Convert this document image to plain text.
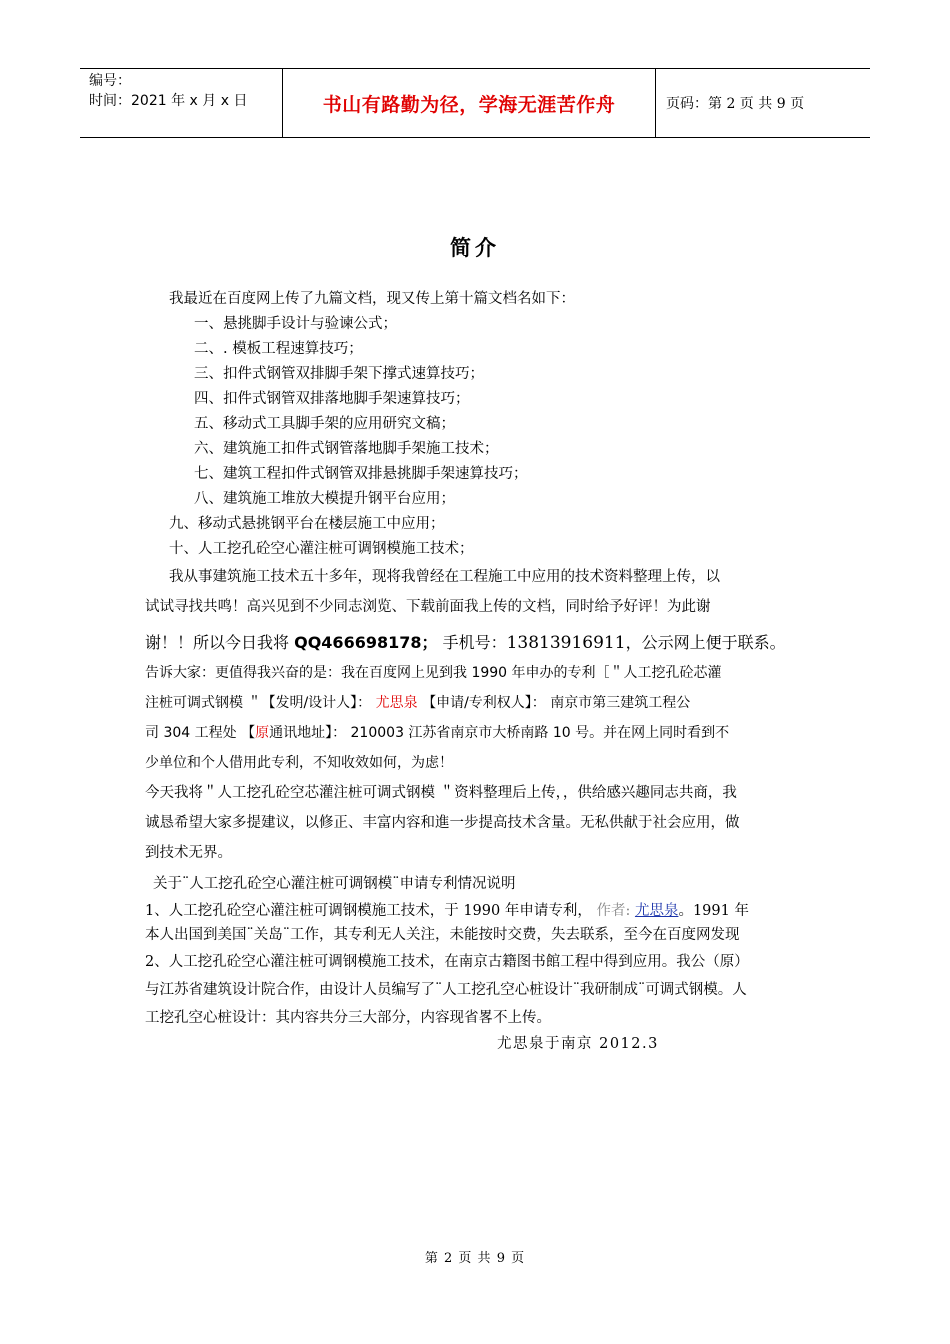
编号：
时间：2021 年 x 月 x 日	书山有路勤为径，学海无涯苦作舟	页码：第 2 页 共 9 页
简介
我最近在百度网上传了九篇文档，现又传上第十篇文档名如下：
一、悬挑脚手设计与验谏公式；
二、. 模板工程速算技巧；
三、扣件式钢管双排脚手架下撑式速算技巧；
四、扣件式钢管双排落地脚手架速算技巧；
五、移动式工具脚手架的应用研究文稿；
六、建筑施工扣件式钢管落地脚手架施工技术；
七、建筑工程扣件式钢管双排悬挑脚手架速算技巧；
八、建筑施工堆放大模提升钢平台应用；
九、移动式悬挑钢平台在楼层施工中应用；
十、人工挖孔砼空心灌注桩可调钢模施工技术；
我从事建筑施工技术五十多年，现将我曾经在工程施工中应用的技术资料整理上传，以
试试寻找共鸣！高兴见到不少同志浏览、下载前面我上传的文档，同时给予好评！为此谢
谢！！所以今日我将 QQ466698178； 手机号：13813916911，公示网上便于联系。
告诉大家：更值得我兴奋的是：我在百度网上见到我 1990 年申办的专利［＂人工挖孔砼芯灌
注桩可调式钢模 ＂【发明/设计人】： 尤思泉 【申请/专利权人】： 南京市第三建筑工程公
司 304 工程处 【原通讯地址】： 210003 江苏省南京市大桥南路 10 号。并在网上同时看到不
少单位和个人借用此专利，不知收效如何，为虑！
今天我将＂人工挖孔砼空芯灌注桩可调式钢模 ＂资料整理后上传，，供给感兴趣同志共商，我
诚恳希望大家多提建议，以修正、丰富内容和進一步提高技术含量。无私供献于社会应用，做
到技术无界。
关于¨人工挖孔砼空心灌注桩可调钢模¨申请专利情况说明
1、人工挖孔砼空心灌注桩可调钢模施工技术，于 1990 年申请专利， 作者: 尤思泉。1991 年
本人出国到美国¨关岛¨工作，其专利无人关注，未能按时交费，失去联系，至今在百度网发现
2、人工挖孔砼空心灌注桩可调钢模施工技术，在南京古籍图书館工程中得到应用。我公（原）
与江苏省建筑设计院合作，由设计人员编写了¨人工挖孔空心桩设计¨我研制成¨可调式钢模。人
工挖孔空心桩设计：其内容共分三大部分，内容现省畧不上传。
尤思泉于南京 2012.3
第 2 页 共 9 页
